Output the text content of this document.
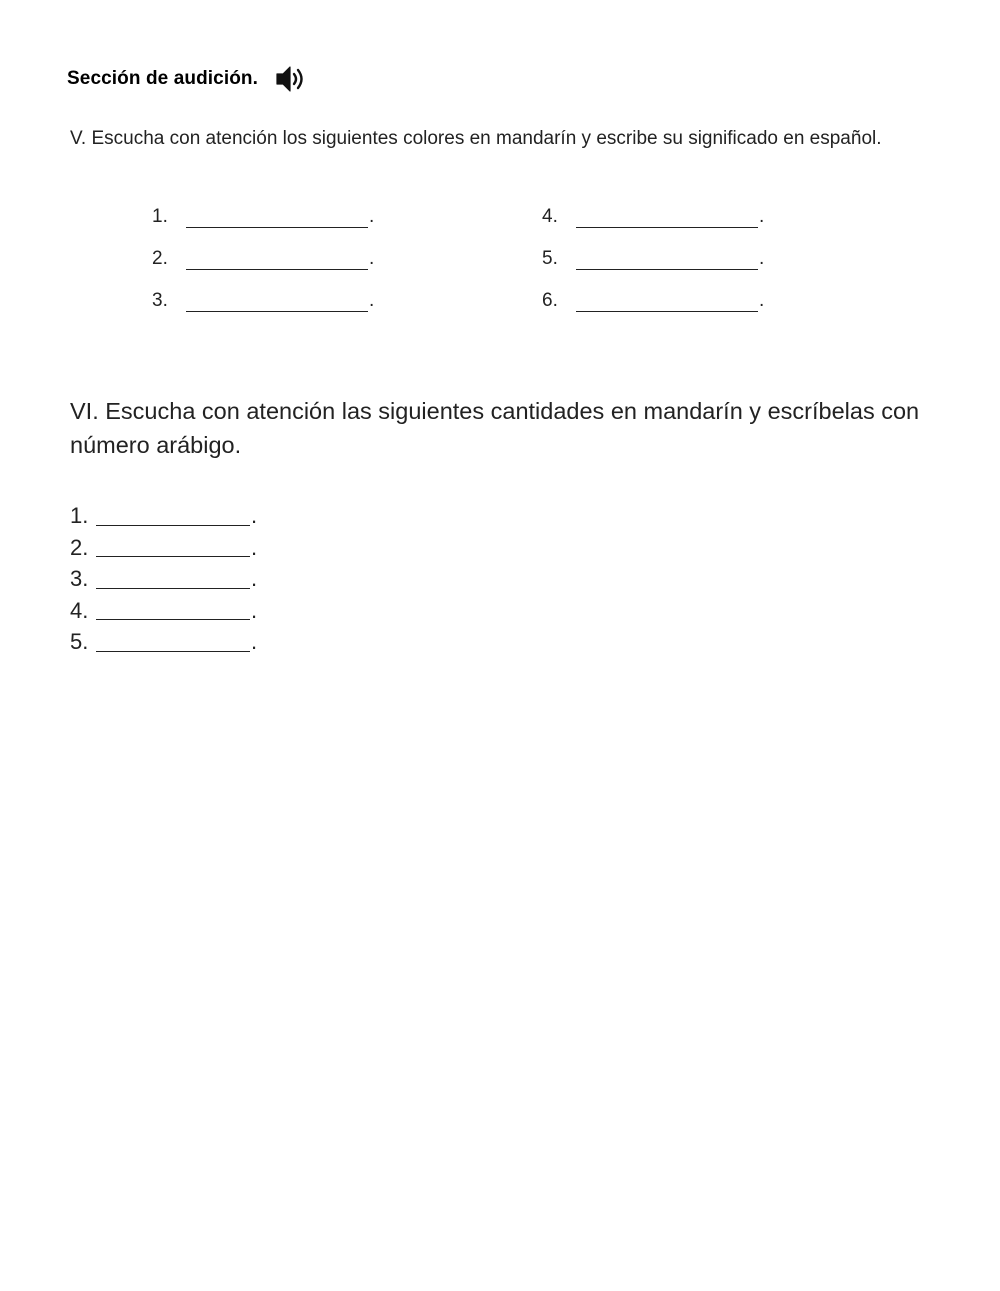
Sección de audición.
V. Escucha con atención los siguientes colores en mandarín y escribe su significado en español.
1.	.
2.	.
3.	.
4.	.
5.	.
6.	.
VI. Escucha con atención las siguientes cantidades en mandarín y escríbelas con número arábigo.
1.	.
2.	.
3.	.
4.	.
5.	.
